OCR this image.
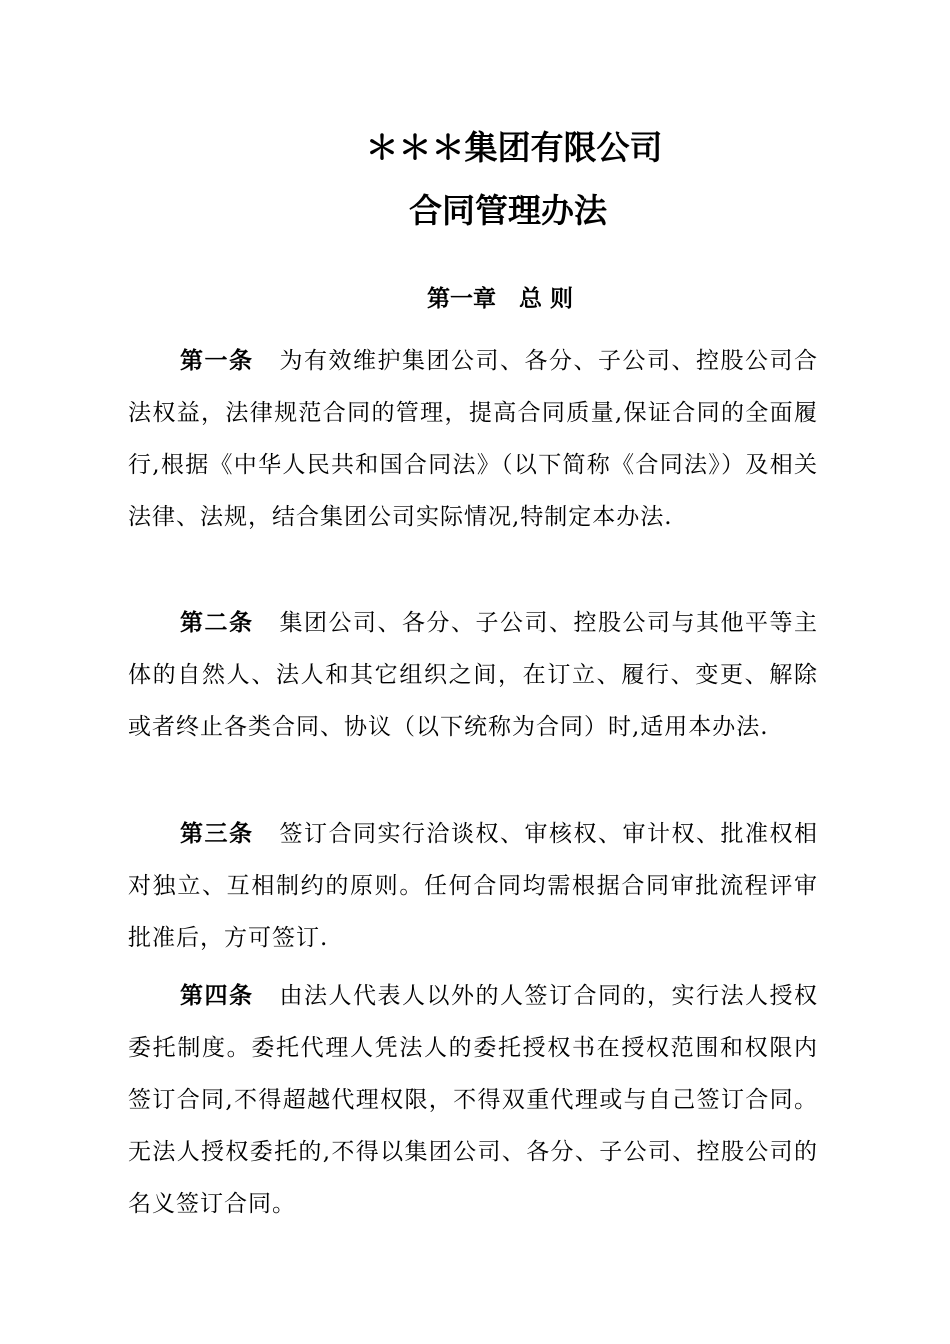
＊＊＊集团有限公司
合同管理办法
第一章　总 则

第一条 为有效维护集团公司、各分、子公司、控股公司合法权益，法律规范合同的管理，提高合同质量,保证合同的全面履行,根据《中华人民共和国合同法》（以下简称《合同法》）及相关法律、法规，结合集团公司实际情况,特制定本办法.

第二条 集团公司、各分、子公司、控股公司与其他平等主体的自然人、法人和其它组织之间，在订立、履行、变更、解除或者终止各类合同、协议（以下统称为合同）时,适用本办法.

第三条 签订合同实行洽谈权、审核权、审计权、批准权相对独立、互相制约的原则。任何合同均需根据合同审批流程评审批准后，方可签订.

第四条 由法人代表人以外的人签订合同的，实行法人授权委托制度。委托代理人凭法人的委托授权书在授权范围和权限内签订合同,不得超越代理权限，不得双重代理或与自己签订合同。无法人授权委托的,不得以集团公司、各分、子公司、控股公司的名义签订合同。
